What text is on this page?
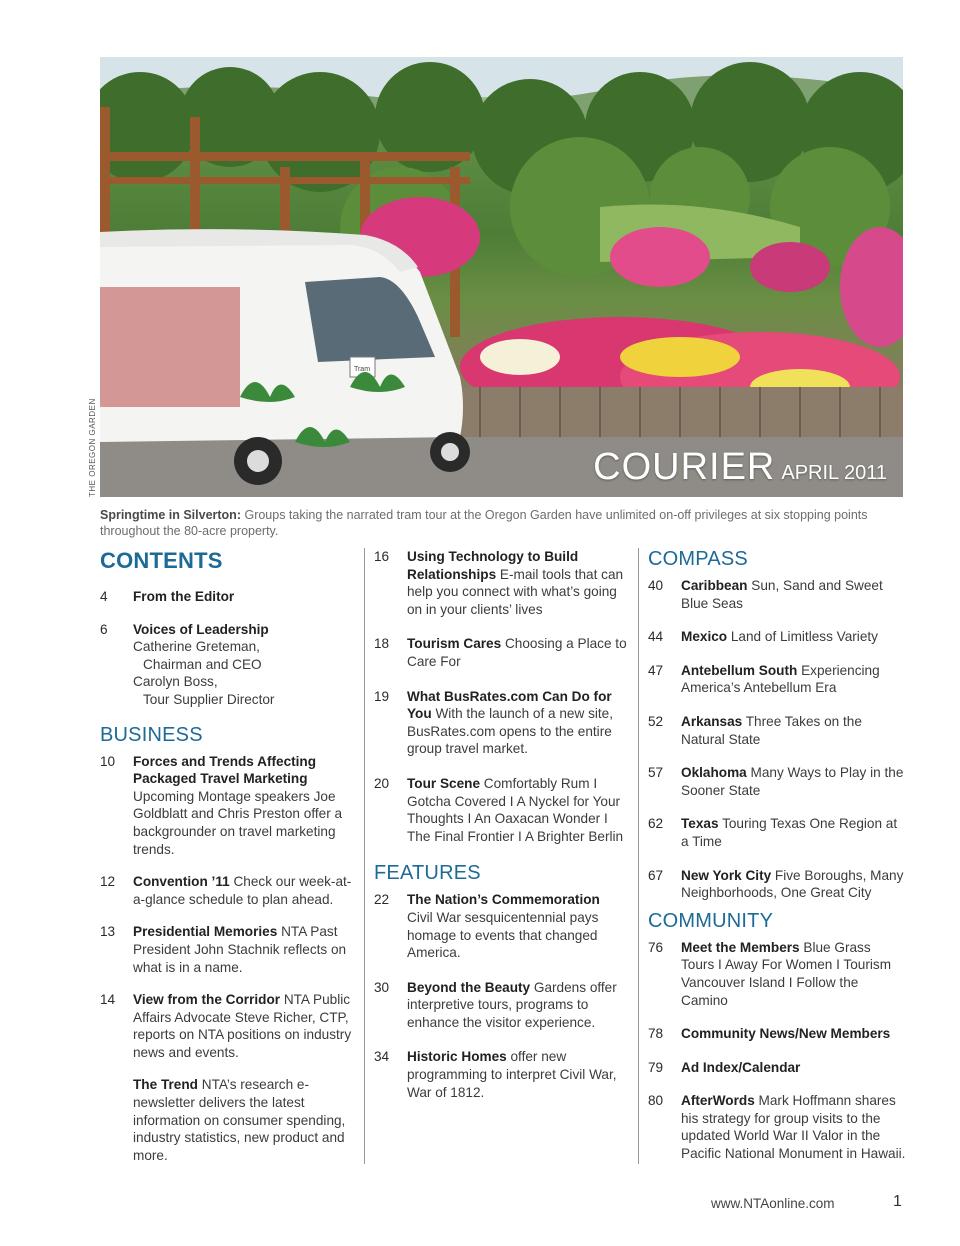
Tram
COURIER APRIL 2011
THE OREGON GARDEN
Springtime in Silverton: Groups taking the narrated tram tour at the Oregon Garden have unlimited on-off privileges at six stopping points throughout the 80-acre property.
CONTENTS
4	From the Editor
6	Voices of Leadership
Catherine Greteman,
Chairman and CEO
Carolyn Boss,
Tour Supplier Director
BUSINESS
10	Forces and Trends Affecting Packaged Travel Marketing Upcoming Montage speakers Joe Goldblatt and Chris Preston offer a backgrounder on travel marketing trends.
12	Convention ’11 Check our week-at-a-glance schedule to plan ahead.
13	Presidential Memories NTA Past President John Stachnik reflects on what is in a name.
14	View from the Corridor NTA Public Affairs Advocate Steve Richer, CTP, reports on NTA positions on industry news and events.
The Trend NTA’s research e-newsletter delivers the latest information on consumer spending, industry statistics, new product and more.
16	Using Technology to Build Relationships E-mail tools that can help you connect with what’s going on in your clients’ lives
18	Tourism Cares Choosing a Place to Care For
19	What BusRates.com Can Do for You With the launch of a new site, BusRates.com opens to the entire group travel market.
20	Tour Scene Comfortably Rum I Gotcha Covered I A Nyckel for Your Thoughts I An Oaxacan Wonder I The Final Frontier I A Brighter Berlin
FEATURES
22	The Nation’s Commemoration Civil War sesquicentennial pays homage to events that changed America.
30	Beyond the Beauty Gardens offer interpretive tours, programs to enhance the visitor experience.
34	Historic Homes offer new programming to interpret Civil War, War of 1812.
COMPASS
40	Caribbean Sun, Sand and Sweet Blue Seas
44	Mexico Land of Limitless Variety
47	Antebellum South Experiencing America’s Antebellum Era
52	Arkansas Three Takes on the Natural State
57	Oklahoma Many Ways to Play in the Sooner State
62	Texas Touring Texas One Region at a Time
67	New York City Five Boroughs, Many Neighborhoods, One Great City
COMMUNITY
76	Meet the Members Blue Grass Tours I Away For Women I Tourism Vancouver Island I Follow the Camino
78	Community News/New Members
79	Ad Index/Calendar
80	AfterWords Mark Hoffmann shares his strategy for group visits to the updated World War II Valor in the Pacific National Monument in Hawaii.
www.NTAonline.com	1
